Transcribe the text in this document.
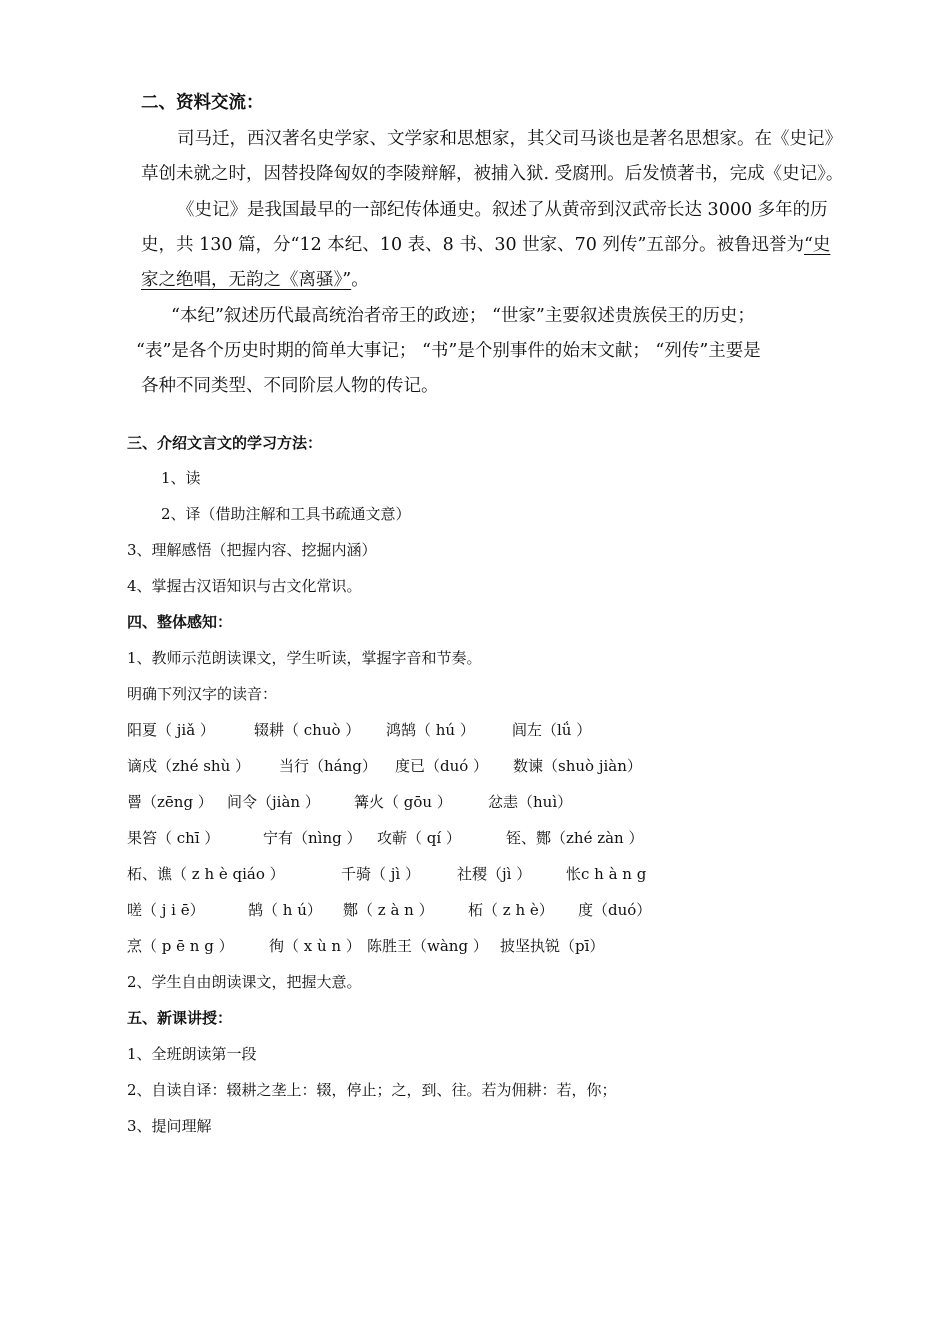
二、资料交流：
司马迁，西汉著名史学家、文学家和思想家，其父司马谈也是著名思想家。在《史记》
草创未就之时，因替投降匈奴的李陵辩解，被捕入狱. 受腐刑。后发愤著书，完成《史记》。
《史记》是我国最早的一部纪传体通史。叙述了从黄帝到汉武帝长达 3000 多年的历
史，共 130 篇，分“12 本纪、10 表、8 书、30 世家、70 列传”五部分。被鲁迅誉为“史
家之绝唱，无韵之《离骚》”。
“本纪”叙述历代最高统治者帝王的政迹； “世家”主要叙述贵族侯王的历史；
“表”是各个历史时期的简单大事记； “书”是个别事件的始末文献； “列传”主要是
各种不同类型、不同阶层人物的传记。
三、介绍文言文的学习方法：
1、读
2、译（借助注解和工具书疏通文意）
3、理解感悟（把握内容、挖掘内涵）
4、掌握古汉语知识与古文化常识。
四、整体感知：
1、教师示范朗读课文，学生听读，掌握字音和节奏。
明确下列汉字的读音：
阳夏（ jiǎ ）	辍耕（ chuò ） 鸿鹄（ hú ） 闾左（lǘ ）
谪戍（zhé shù ） 当行（háng） 度已（duó ） 数谏（shuò jiàn）
罾（zēng ） 间令（jiàn ） 篝火（ gōu ） 忿恚（huì）
果笞（ chī ）	宁有（nìng ） 攻蕲（ qí ）	铚、酂（zhé zàn ）
柘、谯（ z h è qiáo ）	千骑（ jì ） 社稷（jì ） 怅c h à n g
嗟（ j i ē）	鹄（ h ú） 酂（ z à n ） 柘（ z h è） 度（duó）
烹（ p ē n g ） 徇（ x ù n ） 陈胜王（wàng ） 披坚执锐（pī）
2、学生自由朗读课文，把握大意。
五、新课讲授：
1、全班朗读第一段
2、自读自译：辍耕之垄上：辍，停止；之，到、往。若为佣耕：若，你；
3、提问理解
